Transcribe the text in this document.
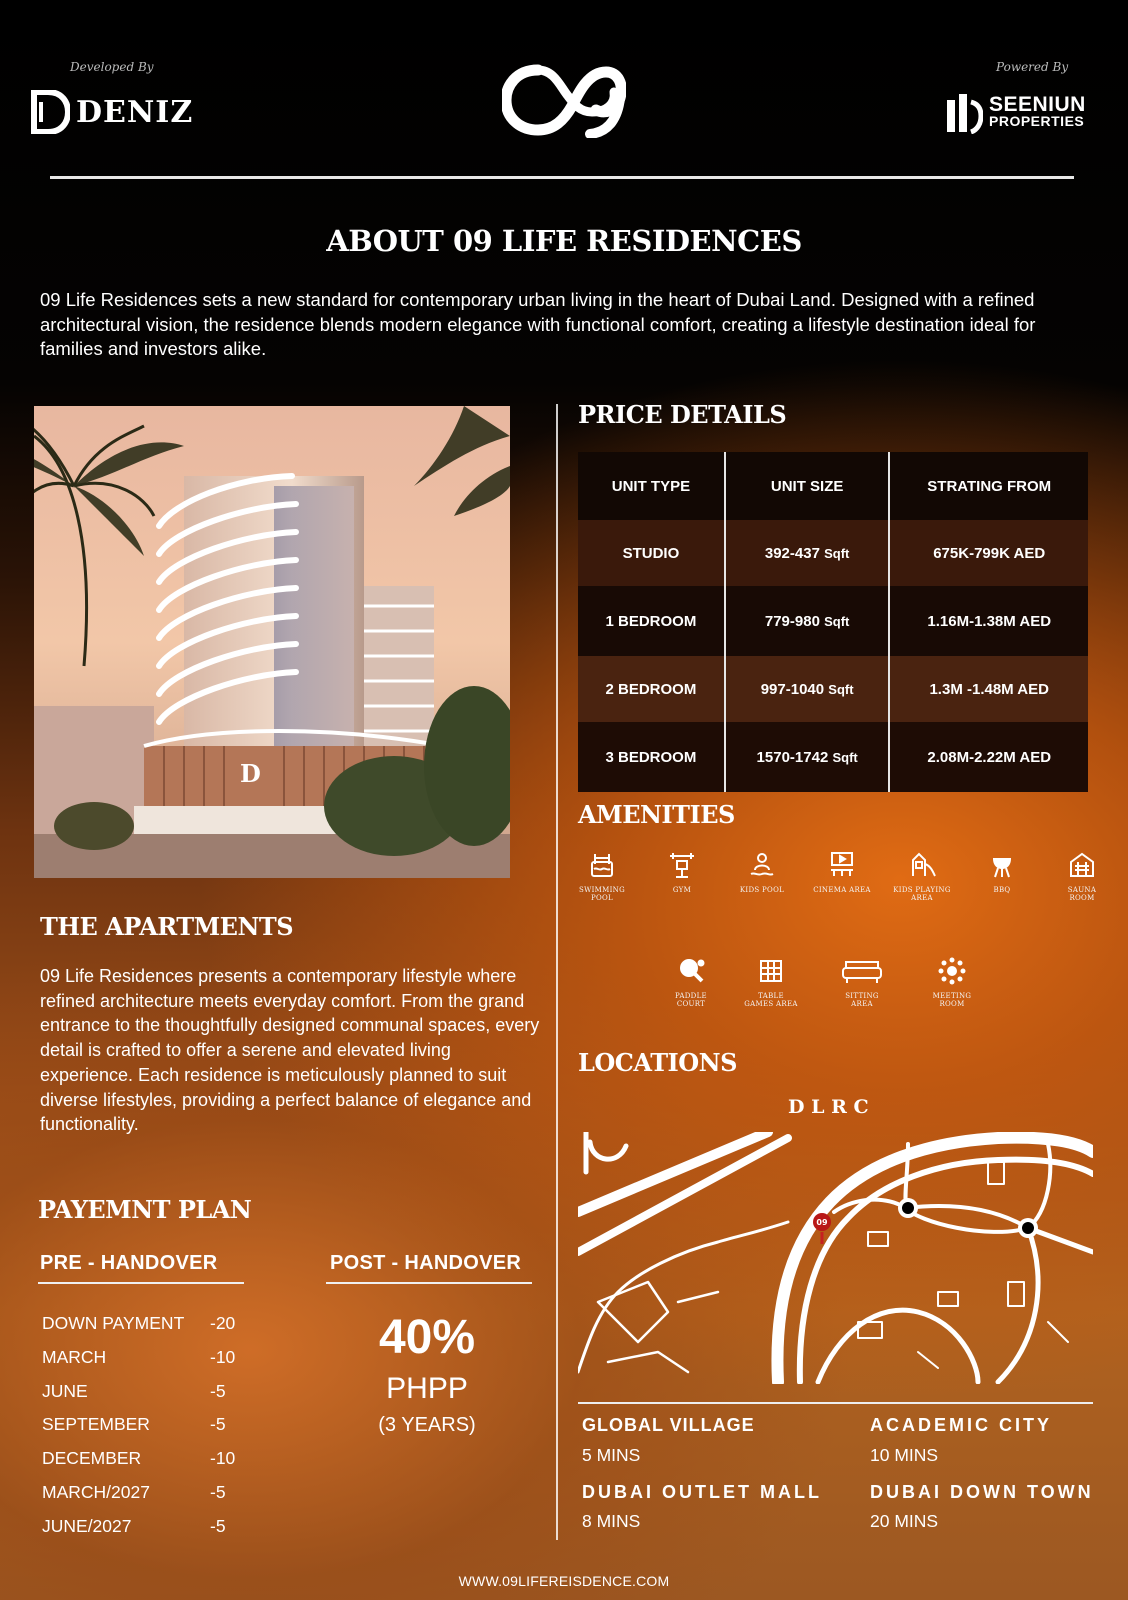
Developed By
DENIZ
Powered By
SEENIUN
PROPERTIES
ABOUT 09 LIFE RESIDENCES
09 Life Residences sets a new standard for contemporary urban living in the heart of Dubai Land. Designed with a refined architectural vision, the residence blends modern elegance with functional comfort, creating a lifestyle destination ideal for families and investors alike.
D
PRICE DETAILS
UNIT TYPE	UNIT SIZE	STRATING FROM
STUDIO	392-437 Sqft	675K-799K AED
1 BEDROOM	779-980 Sqft	1.16M-1.38M AED
2 BEDROOM	997-1040 Sqft	1.3M -1.48M AED
3 BEDROOM	1570-1742 Sqft	2.08M-2.22M AED
AMENITIES
SWIMMING
POOL
GYM	KIDS POOL	CINEMA AREA	KIDS PLAYING
AREA
BBQ	SAUNA
ROOM
PADDLE
COURT
TABLE
GAMES AREA
SITTING
AREA
MEETING
ROOM
THE APARTMENTS
09 Life Residences presents a contemporary lifestyle where refined architecture meets everyday comfort. From the grand entrance to the thoughtfully designed communal spaces, every detail is crafted to offer a serene and elevated living experience. Each residence is meticulously planned to suit diverse lifestyles, providing a perfect balance of elegance and functionality.
PAYEMNT PLAN
PRE - HANDOVER	POST - HANDOVER
DOWN PAYMENT -20
MARCH	-10
JUNE	-5
SEPTEMBER	-5
DECEMBER	-10
MARCH/2027	-5
JUNE/2027	-5
40%
PHPP
(3 YEARS)
LOCATIONS
D L R C
09
GLOBAL VILLAGE
5 MINS
ACADEMIC CITY
10 MINS
DUBAI OUTLET MALL
8 MINS
DUBAI DOWN TOWN
20 MINS
WWW.09LIFEREISDENCE.COM
